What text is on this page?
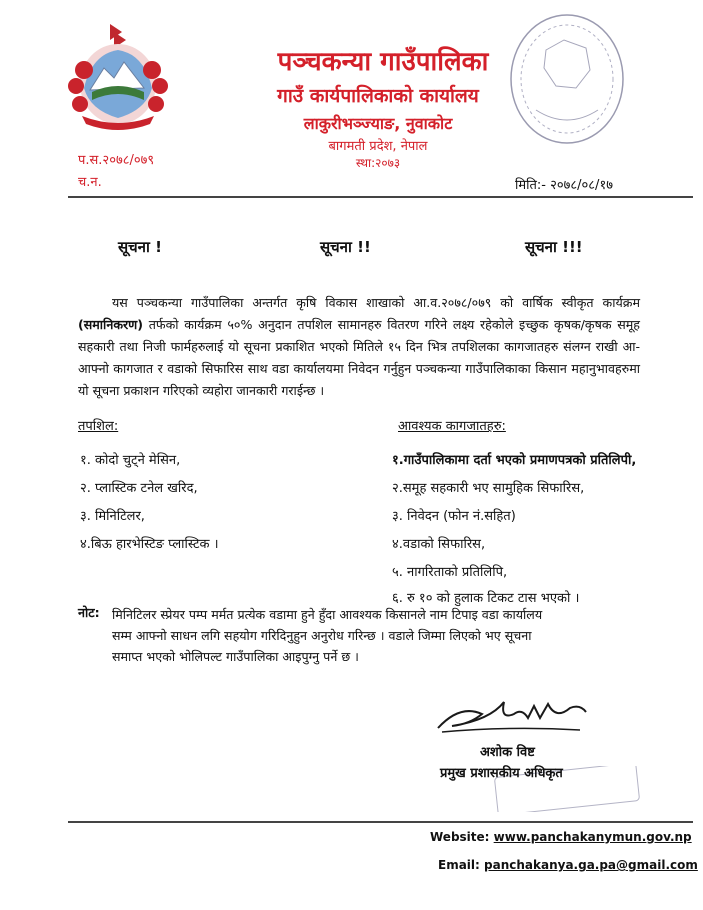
पञ्चकन्या गाउँपालिका
गाउँ कार्यपालिकाको कार्यालय
लाकुरीभञ्ज्याङ, नुवाकोट
बागमती प्रदेश, नेपाल
स्था:२०७३
प.स.२०७८/०७९
च.न.	मिति:- २०७८/०८/१७
सूचना !	सूचना !!	सूचना !!!
यस पञ्चकन्या गाउँपालिका अन्तर्गत कृषि विकास शाखाको आ.व.२०७८/०७९ को वार्षिक स्वीकृत कार्यक्रम (समानिकरण) तर्फको कार्यक्रम ५०% अनुदान तपशिल सामानहरु वितरण गरिने लक्ष्य रहेकोले इच्छुक कृषक/कृषक समूह सहकारी तथा निजी फार्महरुलाई यो सूचना प्रकाशित भएको मितिले १५ दिन भित्र तपशिलका कागजातहरु संलग्न राखी आ-आफ्नो कागजात र वडाको सिफारिस साथ वडा कार्यालयमा निवेदन गर्नुहुन पञ्चकन्या गाउँपालिकाका किसान महानुभावहरुमा यो सूचना प्रकाशन गरिएको व्यहोरा जानकारी गराईन्छ ।
तपशिल:
१. कोदो चुट्ने मेसिन,
२. प्लास्टिक टनेल खरिद,
३. मिनिटिलर,
४.बिऊ हारभेस्टिङ प्लास्टिक ।
आवश्यक कागजातहरु:
१.गाउँपालिकामा दर्ता भएको प्रमाणपत्रको प्रतिलिपी,
२.समूह सहकारी भए सामुहिक सिफारिस,
३. निवेदन (फोन नं.सहित)
४.वडाको सिफारिस,
५. नागरिताको प्रतिलिपि,
६. रु १० को हुलाक टिकट टास भएको ।
नोट: मिनिटिलर स्प्रेयर पम्प मर्मत प्रत्येक वडामा हुने हुँदा आवश्यक किसानले नाम टिपाइ वडा कार्यालय
सम्म आफ्नो साधन लगि सहयोग गरिदिनुहुन अनुरोध गरिन्छ । वडाले जिम्मा लिएको भए सूचना
समाप्त भएको भोलिपल्ट गाउँपालिका आइपुग्नु पर्ने छ ।
अशोक विष्ट
प्रमुख प्रशासकीय अधिकृत
Website: www.panchakanymun.gov.np
Email: panchakanya.ga.pa@gmail.com
